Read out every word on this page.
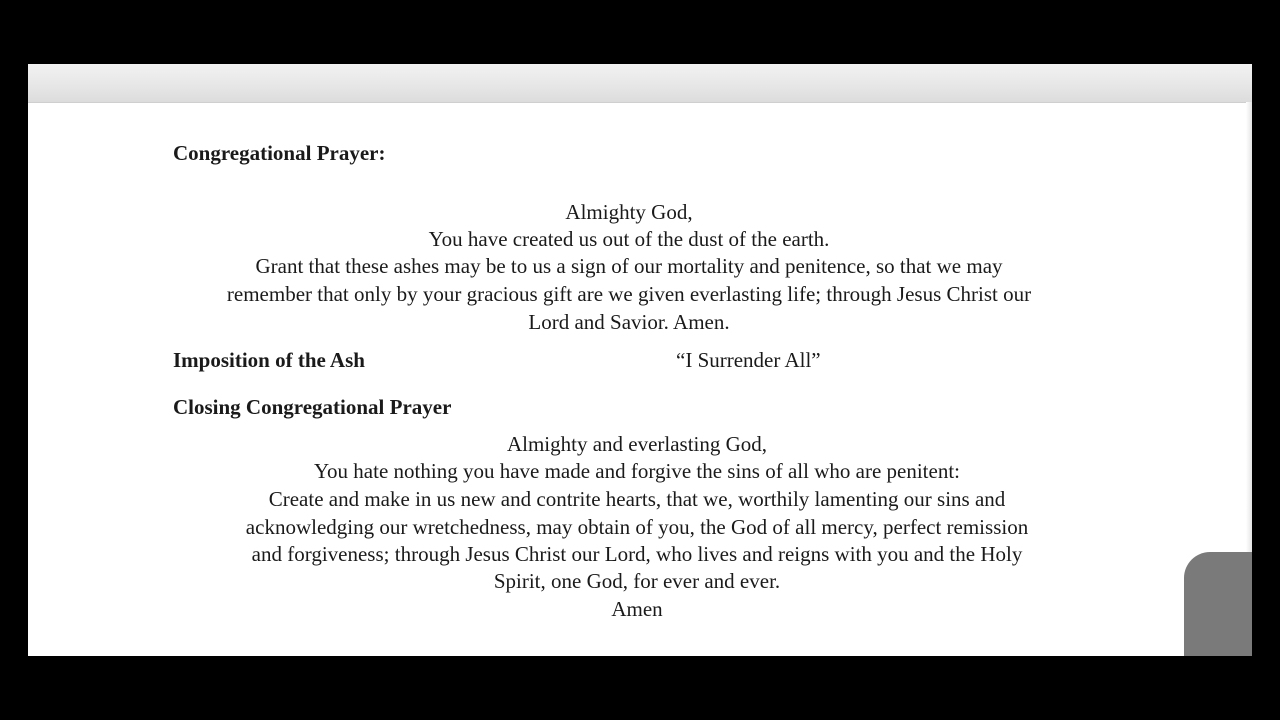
Congregational Prayer:
Almighty God,
You have created us out of the dust of the earth.
Grant that these ashes may be to us a sign of our mortality and penitence, so that we may
remember that only by your gracious gift are we given everlasting life; through Jesus Christ our
Lord and Savior. Amen.
Imposition of the Ash	“I Surrender All”
Closing Congregational Prayer
Almighty and everlasting God,
You hate nothing you have made and forgive the sins of all who are penitent:
Create and make in us new and contrite hearts, that we, worthily lamenting our sins and
acknowledging our wretchedness, may obtain of you, the God of all mercy, perfect remission
and forgiveness; through Jesus Christ our Lord, who lives and reigns with you and the Holy
Spirit, one God, for ever and ever.
Amen
